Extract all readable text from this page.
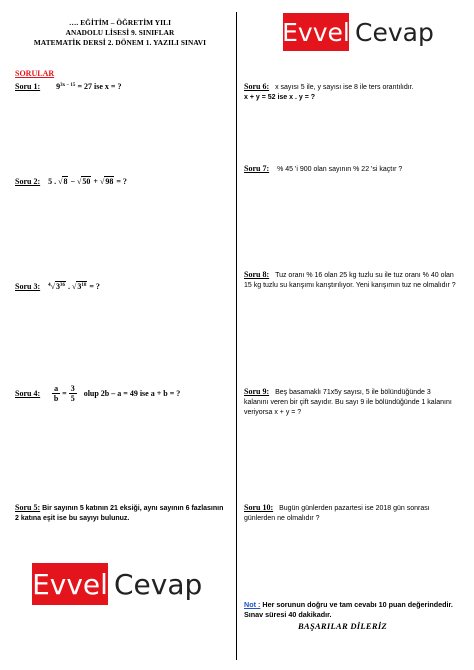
…. EĞİTİM – ÖĞRETİM YILI
ANADOLU LİSESİ 9. SINIFLAR
MATEMATİK DERSİ 2. DÖNEM 1. YAZILI SINAVI	Evvel Cevap
SORULAR
Soru 1: $9^{3x - 15} = 27$ ise x = ?
Soru 2: 5 . √8 − √50 + √98 = ?
Soru 3: $^4√3^{36}$ . $√3^{18}$ = ?
Soru 4: $\frac{a}{b} = \frac{3}{5}$ olup 2b – a = 49 ise a + b = ?
Soru 5: Bir sayının 5 katının 21 eksiği, aynı sayının 6 fazlasının 2 katına eşit ise bu sayıyı bulunuz.
Evvel Cevap
Soru 6: x sayısı 5 ile, y sayısı ise 8 ile ters orantılıdır.
x + y = 52 ise x . y = ?
Soru 7: % 45 'i 900 olan sayının % 22 'si kaçtır ?
Soru 8: Tuz oranı % 16 olan 25 kg tuzlu su ile tuz oranı % 40 olan 15 kg tuzlu su karışımı karıştırılıyor. Yeni karışımın tuz ne olmalıdır ?
Soru 9: Beş basamaklı 71x5y sayısı, 5 ile bölündüğünde 3 kalanını veren bir çift sayıdır. Bu sayı 9 ile bölündüğünde 1 kalanını veriyorsa x + y = ?
Soru 10: Bugün günlerden pazartesi ise 2018 gün sonrası günlerden ne olmalıdır ?
Not : Her sorunun doğru ve tam cevabı 10 puan değerindedir. Sınav süresi 40 dakikadır.
BAŞARILAR DİLERİZ
